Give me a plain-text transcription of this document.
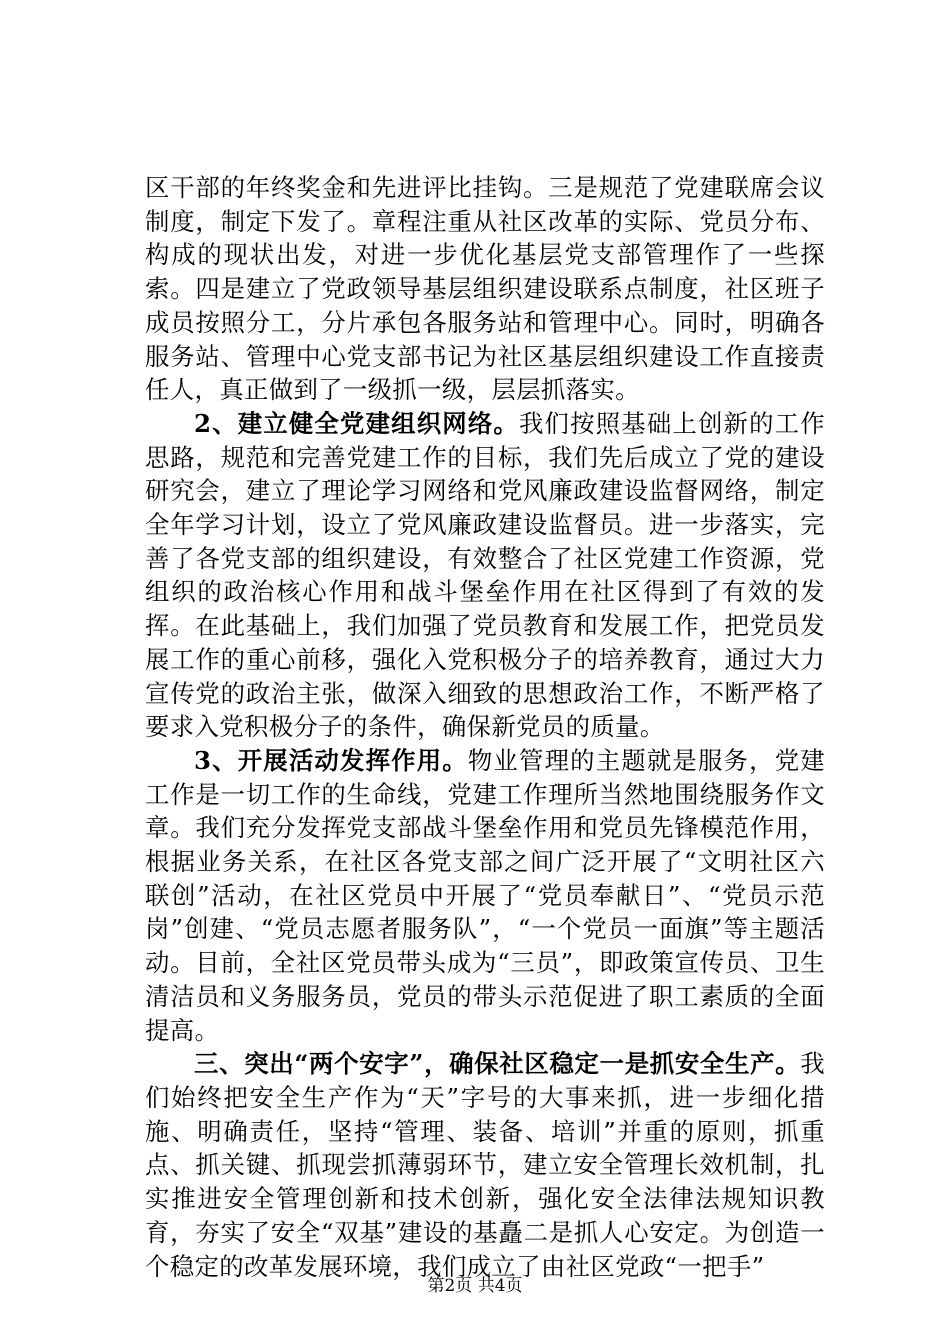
区干部的年终奖金和先进评比挂钩。三是规范了党建联席会议制度，制定下发了。章程注重从社区改革的实际、党员分布、构成的现状出发，对进一步优化基层党支部管理作了一些探索。四是建立了党政领导基层组织建设联系点制度，社区班子成员按照分工，分片承包各服务站和管理中心。同时，明确各服务站、管理中心党支部书记为社区基层组织建设工作直接责任人，真正做到了一级抓一级，层层抓落实。

2、建立健全党建组织网络。我们按照基础上创新的工作思路，规范和完善党建工作的目标，我们先后成立了党的建设研究会，建立了理论学习网络和党风廉政建设监督网络，制定全年学习计划，设立了党风廉政建设监督员。进一步落实，完善了各党支部的组织建设，有效整合了社区党建工作资源，党组织的政治核心作用和战斗堡垒作用在社区得到了有效的发挥。在此基础上，我们加强了党员教育和发展工作，把党员发展工作的重心前移，强化入党积极分子的培养教育，通过大力宣传党的政治主张，做深入细致的思想政治工作，不断严格了要求入党积极分子的条件，确保新党员的质量。

3、开展活动发挥作用。物业管理的主题就是服务，党建工作是一切工作的生命线，党建工作理所当然地围绕服务作文章。我们充分发挥党支部战斗堡垒作用和党员先锋模范作用，根据业务关系，在社区各党支部之间广泛开展了“文明社区六联创”活动，在社区党员中开展了“党员奉献日”、“党员示范岗”创建、“党员志愿者服务队”，“一个党员一面旗”等主题活动。目前，全社区党员带头成为“三员”，即政策宣传员、卫生清洁员和义务服务员，党员的带头示范促进了职工素质的全面提高。

三、突出“两个安字”，确保社区稳定一是抓安全生产。我们始终把安全生产作为“天”字号的大事来抓，进一步细化措施、明确责任，坚持“管理、装备、培训”并重的原则，抓重点、抓关键、抓现尝抓薄弱环节，建立安全管理长效机制，扎实推进安全管理创新和技术创新，强化安全法律法规知识教育，夯实了安全“双基”建设的基矗二是抓人心安定。为创造一个稳定的改革发展环境，我们成立了由社区党政“一把手”

第2页 共4页
